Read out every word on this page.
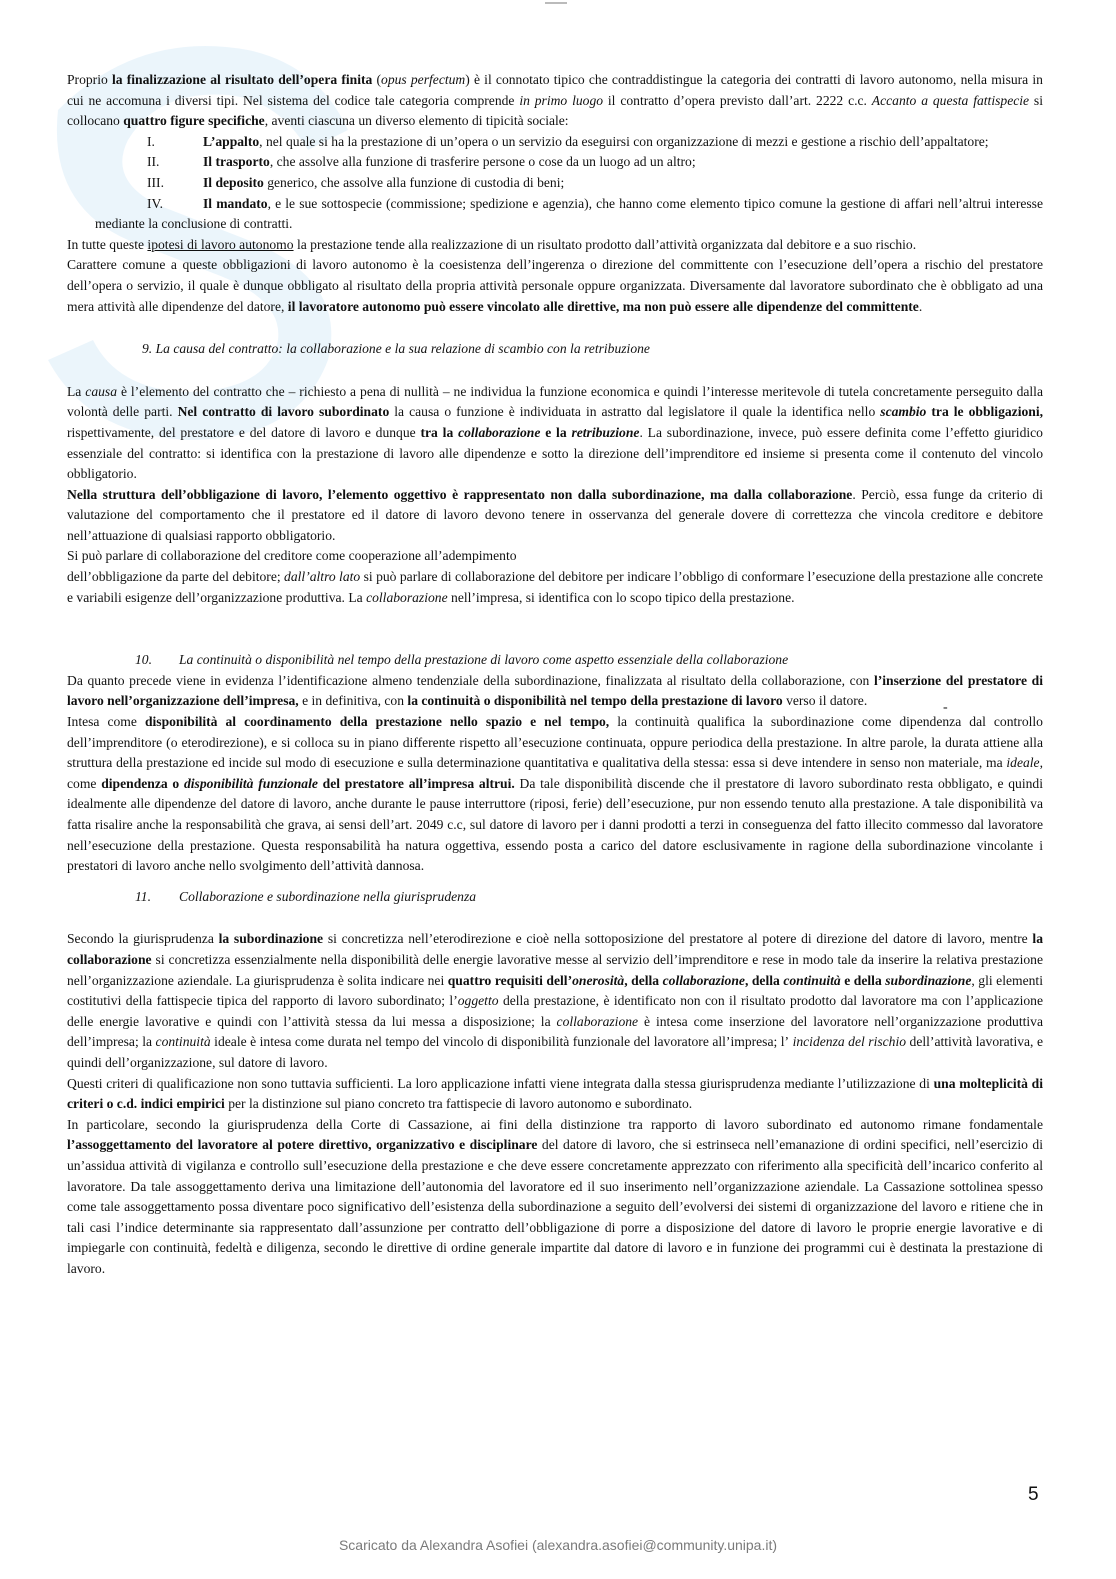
Proprio la finalizzazione al risultato dell’opera finita (opus perfectum) è il connotato tipico che contraddistingue la categoria dei contratti di lavoro autonomo, nella misura in cui ne accomuna i diversi tipi. Nel sistema del codice tale categoria comprende in primo luogo il contratto d’opera previsto dall’art. 2222 c.c. Accanto a questa fattispecie si collocano quattro figure specifiche, aventi ciascuna un diverso elemento di tipicità sociale:

I.	L’appalto, nel quale si ha la prestazione di un’opera o un servizio da eseguirsi con organizzazione di mezzi e gestione a rischio dell’appaltatore;

II.	Il trasporto, che assolve alla funzione di trasferire persone o cose da un luogo ad un altro;

III.	Il deposito generico, che assolve alla funzione di custodia di beni;

IV.	Il mandato, e le sue sottospecie (commissione; spedizione e agenzia), che hanno come elemento tipico comune la gestione di affari nell’altrui interesse mediante la conclusione di contratti.

In tutte queste ipotesi di lavoro autonomo la prestazione tende alla realizzazione di un risultato prodotto dall’attività organizzata dal debitore e a suo rischio.

Carattere comune a queste obbligazioni di lavoro autonomo è la coesistenza dell’ingerenza o direzione del committente con l’esecuzione dell’opera a rischio del prestatore dell’opera o servizio, il quale è dunque obbligato al risultato della propria attività personale oppure organizzata. Diversamente dal lavoratore subordinato che è obbligato ad una mera attività alle dipendenze del datore, il lavoratore autonomo può essere vincolato alle direttive, ma non può essere alle dipendenze del committente.

9. La causa del contratto: la collaborazione e la sua relazione di scambio con la retribuzione

La causa è l’elemento del contratto che – richiesto a pena di nullità – ne individua la funzione economica e quindi l’interesse meritevole di tutela concretamente perseguito dalla volontà delle parti. Nel contratto di lavoro subordinato la causa o funzione è individuata in astratto dal legislatore il quale la identifica nello scambio tra le obbligazioni, rispettivamente, del prestatore e del datore di lavoro e dunque tra la collaborazione e la retribuzione. La subordinazione, invece, può essere definita come l’effetto giuridico essenziale del contratto: si identifica con la prestazione di lavoro alle dipendenze e sotto la direzione dell’imprenditore ed insieme si presenta come il contenuto del vincolo obbligatorio.

Nella struttura dell’obbligazione di lavoro, l’elemento oggettivo è rappresentato non dalla subordinazione, ma dalla collaborazione. Perciò, essa funge da criterio di valutazione del comportamento che il prestatore ed il datore di lavoro devono tenere in osservanza del generale dovere di correttezza che vincola creditore e debitore nell’attuazione di qualsiasi rapporto obbligatorio.

Si può parlare di collaborazione del creditore come cooperazione all’adempimento

dell’obbligazione da parte del debitore; dall’altro lato si può parlare di collaborazione del debitore per indicare l’obbligo di conformare l’esecuzione della prestazione alle concrete e variabili esigenze dell’organizzazione produttiva. La collaborazione nell’impresa, si identifica con lo scopo tipico della prestazione.

10. La continuità o disponibilità nel tempo della prestazione di lavoro come aspetto essenziale della collaborazione

Da quanto precede viene in evidenza l’identificazione almeno tendenziale della subordinazione, finalizzata al risultato della collaborazione, con l’inserzione del prestatore di lavoro nell’organizzazione dell’impresa, e in definitiva, con la continuità o disponibilità nel tempo della prestazione di lavoro verso il datore.

Intesa come disponibilità al coordinamento della prestazione nello spazio e nel tempo, la continuità qualifica la subordinazione come dipendenza dal controllo dell’imprenditore (o eterodirezione), e si colloca su in piano differente rispetto all’esecuzione continuata, oppure periodica della prestazione. In altre parole, la durata attiene alla struttura della prestazione ed incide sul modo di esecuzione e sulla determinazione quantitativa e qualitativa della stessa: essa si deve intendere in senso non materiale, ma ideale, come dipendenza o disponibilità funzionale del prestatore all’impresa altrui. Da tale disponibilità discende che il prestatore di lavoro subordinato resta obbligato, e quindi idealmente alle dipendenze del datore di lavoro, anche durante le pause interruttore (riposi, ferie) dell’esecuzione, pur non essendo tenuto alla prestazione. A tale disponibilità va fatta risalire anche la responsabilità che grava, ai sensi dell’art. 2049 c.c, sul datore di lavoro per i danni prodotti a terzi in conseguenza del fatto illecito commesso dal lavoratore nell’esecuzione della prestazione. Questa responsabilità ha natura oggettiva, essendo posta a carico del datore esclusivamente in ragione della subordinazione vincolante i prestatori di lavoro anche nello svolgimento dell’attività dannosa.

11. Collaborazione e subordinazione nella giurisprudenza

Secondo la giurisprudenza la subordinazione si concretizza nell’eterodirezione e cioè nella sottoposizione del prestatore al potere di direzione del datore di lavoro, mentre la collaborazione si concretizza essenzialmente nella disponibilità delle energie lavorative messe al servizio dell’imprenditore e rese in modo tale da inserire la relativa prestazione nell’organizzazione aziendale. La giurisprudenza è solita indicare nei quattro requisiti dell’onerosità, della collaborazione, della continuità e della subordinazione, gli elementi costitutivi della fattispecie tipica del rapporto di lavoro subordinato; l’oggetto della prestazione, è identificato non con il risultato prodotto dal lavoratore ma con l’applicazione delle energie lavorative e quindi con l’attività stessa da lui messa a disposizione; la collaborazione è intesa come inserzione del lavoratore nell’organizzazione produttiva dell’impresa; la continuità ideale è intesa come durata nel tempo del vincolo di disponibilità funzionale del lavoratore all’impresa; l’ incidenza del rischio dell’attività lavorativa, e quindi dell’organizzazione, sul datore di lavoro.

Questi criteri di qualificazione non sono tuttavia sufficienti. La loro applicazione infatti viene integrata dalla stessa giurisprudenza mediante l’utilizzazione di una molteplicità di criteri o c.d. indici empirici per la distinzione sul piano concreto tra fattispecie di lavoro autonomo e subordinato.

In particolare, secondo la giurisprudenza della Corte di Cassazione, ai fini della distinzione tra rapporto di lavoro subordinato ed autonomo rimane fondamentale l’assoggettamento del lavoratore al potere direttivo, organizzativo e disciplinare del datore di lavoro, che si estrinseca nell’emanazione di ordini specifici, nell’esercizio di un’assidua attività di vigilanza e controllo sull’esecuzione della prestazione e che deve essere concretamente apprezzato con riferimento alla specificità dell’incarico conferito al lavoratore. Da tale assoggettamento deriva una limitazione dell’autonomia del lavoratore ed il suo inserimento nell’organizzazione aziendale. La Cassazione sottolinea spesso come tale assoggettamento possa diventare poco significativo dell’esistenza della subordinazione a seguito dell’evolversi dei sistemi di organizzazione del lavoro e ritiene che in tali casi l’indice determinante sia rappresentato dall’assunzione per contratto dell’obbligazione di porre a disposizione del datore di lavoro le proprie energie lavorative e di impiegarle con continuità, fedeltà e diligenza, secondo le direttive di ordine generale impartite dal datore di lavoro e in funzione dei programmi cui è destinata la prestazione di lavoro.

-
5
Scaricato da Alexandra Asofiei (alexandra.asofiei@community.unipa.it)
